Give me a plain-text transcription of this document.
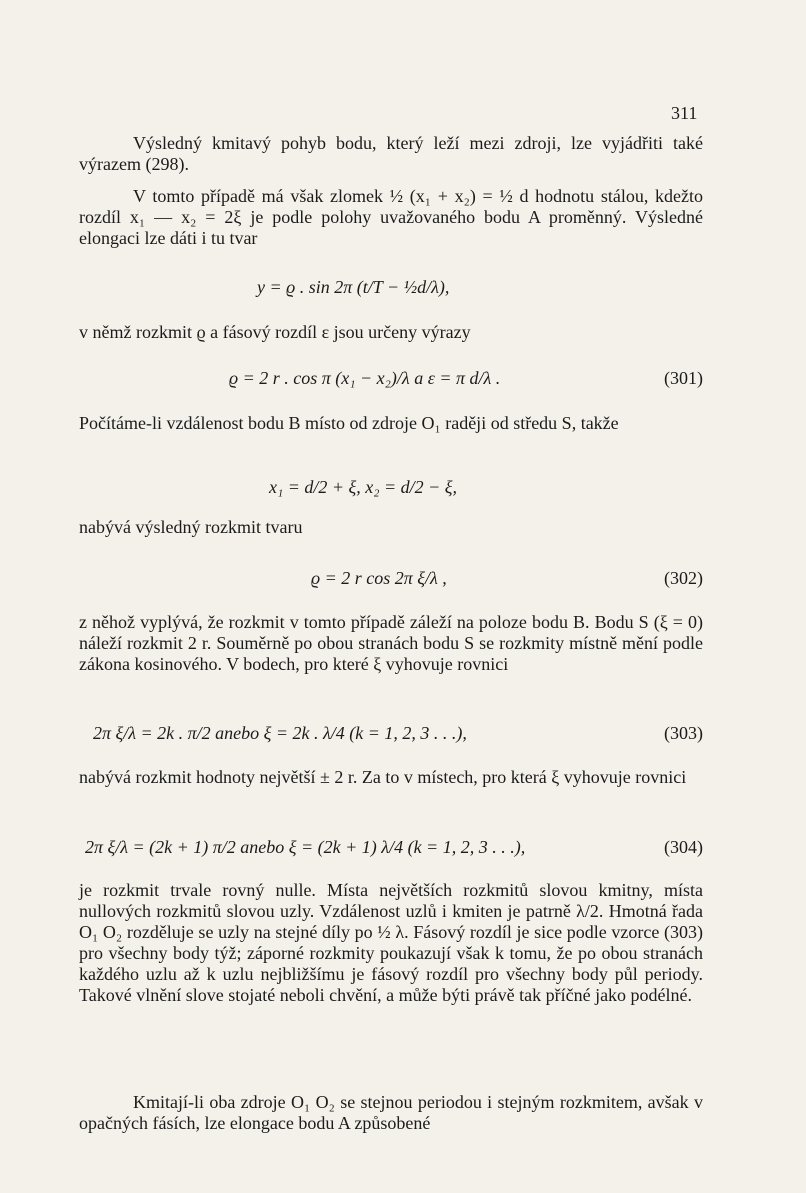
311

Výsledný kmitavý pohyb bodu, který leží mezi zdroji, lze vyjádřiti také výrazem (298).

V tomto případě má však zlomek ½ (x₁ + x₂) = ½ d hodnotu stálou, kdežto rozdíl x₁ — x₂ = 2ξ je podle polohy uvažovaného bodu A proměnný. Výsledné elongaci lze dáti i tu tvar

y = ϱ . sin 2π (t/T − ½d/λ),

v němž rozkmit ϱ a fásový rozdíl ε jsou určeny výrazy

ϱ = 2 r . cos π (x₁ − x₂)/λ a ε = π d/λ .	(301)

Počítáme-li vzdálenost bodu B místo od zdroje O₁ raději od středu S, takže

x₁ = d/2 + ξ, x₂ = d/2 − ξ,

nabývá výsledný rozkmit tvaru

ϱ = 2 r cos 2π ξ/λ ,	(302)

z něhož vyplývá, že rozkmit v tomto případě záleží na poloze bodu B. Bodu S (ξ = 0) náleží rozkmit 2 r. Souměrně po obou stranách bodu S se rozkmity místně mění podle zákona kosinového. V bodech, pro které ξ vyhovuje rovnici

2π ξ/λ = 2k . π/2 anebo ξ = 2k . λ/4 (k = 1, 2, 3 . . .),	(303)

nabývá rozkmit hodnoty největší ± 2 r. Za to v místech, pro která ξ vyhovuje rovnici

2π ξ/λ = (2k + 1) π/2 anebo ξ = (2k + 1) λ/4 (k = 1, 2, 3 . . .),	(304)

je rozkmit trvale rovný nulle. Místa největších rozkmitů slovou kmitny, místa nullových rozkmitů slovou uzly. Vzdálenost uzlů i kmiten je patrně λ/2. Hmotná řada O₁ O₂ rozděluje se uzly na stejné díly po ½ λ. Fásový rozdíl je sice podle vzorce (303) pro všechny body týž; záporné rozkmity poukazují však k tomu, že po obou stranách každého uzlu až k uzlu nejbližšímu je fásový rozdíl pro všechny body půl periody. Takové vlnění slove stojaté neboli chvění, a může býti právě tak příčné jako podélné.

Kmitají-li oba zdroje O₁ O₂ se stejnou periodou i stejným rozkmitem, avšak v opačných fásích, lze elongace bodu A způsobené
